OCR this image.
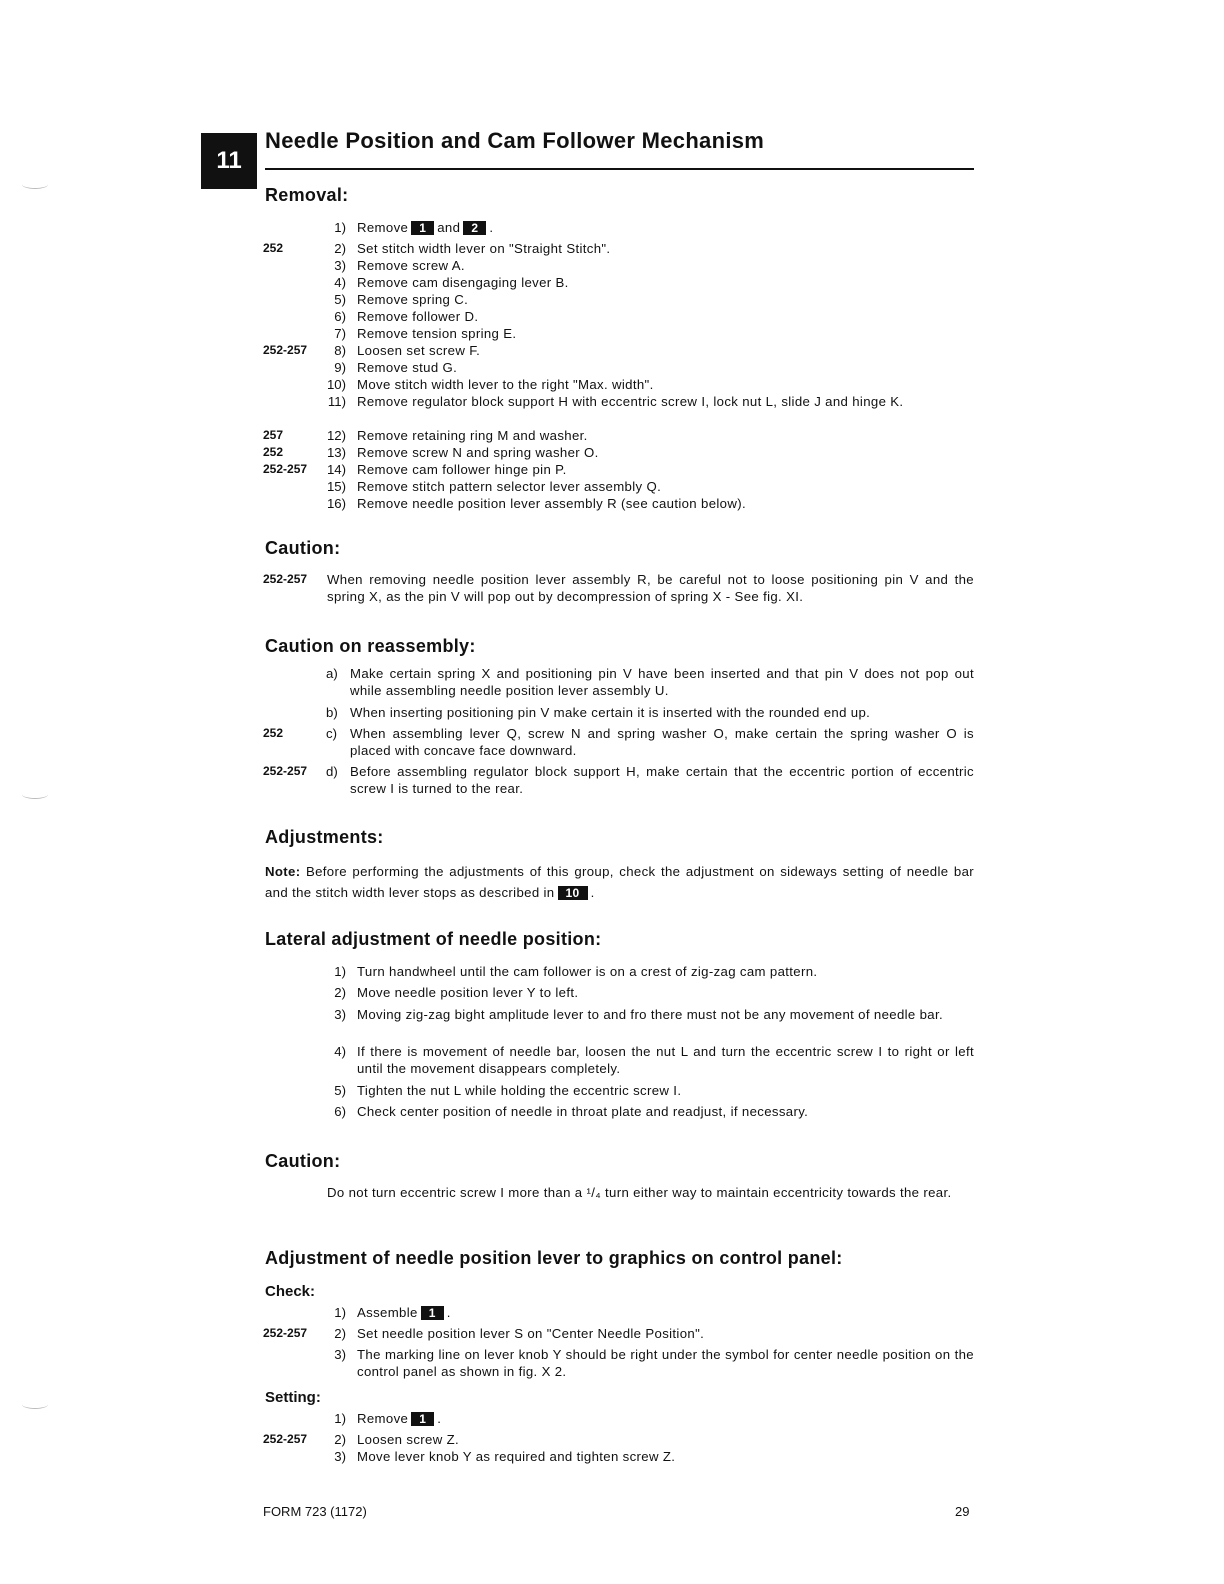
11
Needle Position and Cam Follower Mechanism
Removal:
1) Remove 1 and 2 .
252	2) Set stitch width lever on "Straight Stitch".
3) Remove screw A.
4) Remove cam disengaging lever B.
5) Remove spring C.
6) Remove follower D.
7) Remove tension spring E.
252-257	8) Loosen set screw F.
9) Remove stud G.
10) Move stitch width lever to the right "Max. width".
11) Remove regulator block support H with eccentric screw I, lock nut L, slide J and hinge K.
257	12) Remove retaining ring M and washer.
252	13) Remove screw N and spring washer O.
252-257	14) Remove cam follower hinge pin P.
15) Remove stitch pattern selector lever assembly Q.
16) Remove needle position lever assembly R (see caution below).
Caution:
252-257 When removing needle position lever assembly R, be careful not to loose positioning pin V and the spring X, as the pin V will pop out by decompression of spring X - See fig. XI.
Caution on reassembly:
a) Make certain spring X and positioning pin V have been inserted and that pin V does not pop out while assembling needle position lever assembly U.
b) When inserting positioning pin V make certain it is inserted with the rounded end up.
252	c) When assembling lever Q, screw N and spring washer O, make certain the spring washer O is placed with concave face downward.
252-257 d) Before assembling regulator block support H, make certain that the eccentric portion of eccentric screw I is turned to the rear.
Adjustments:
Note: Before performing the adjustments of this group, check the adjustment on sideways setting of needle bar and the stitch width lever stops as described in 10 .
Lateral adjustment of needle position:
1) Turn handwheel until the cam follower is on a crest of zig-zag cam pattern.
2) Move needle position lever Y to left.
3) Moving zig-zag bight amplitude lever to and fro there must not be any movement of needle bar.
4) If there is movement of needle bar, loosen the nut L and turn the eccentric screw I to right or left until the movement disappears completely.
5) Tighten the nut L while holding the eccentric screw I.
6) Check center position of needle in throat plate and readjust, if necessary.
Caution:
Do not turn eccentric screw I more than a ¹/₄ turn either way to maintain eccentricity towards the rear.
Adjustment of needle position lever to graphics on control panel:
Check:
1) Assemble 1 .
252-257	2) Set needle position lever S on "Center Needle Position".
3) The marking line on lever knob Y should be right under the symbol for center needle position on the control panel as shown in fig. X 2.
Setting:
1) Remove 1 .
252-257	2) Loosen screw Z.
3) Move lever knob Y as required and tighten screw Z.
FORM 723 (1172)	29
